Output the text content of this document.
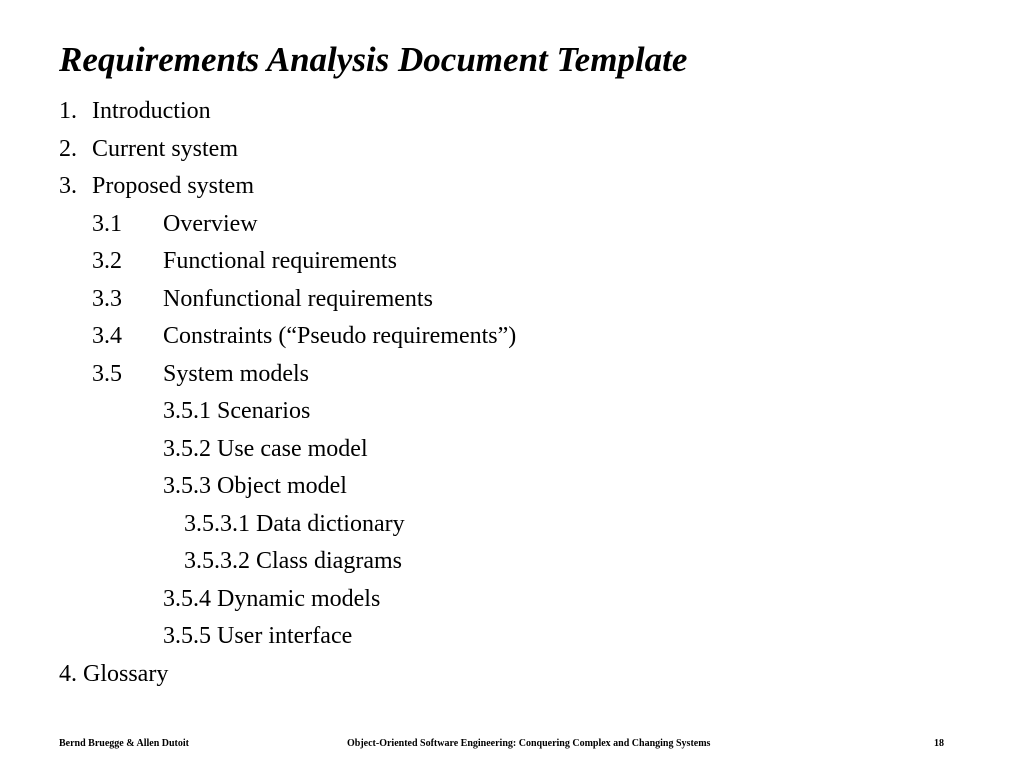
Requirements Analysis Document Template
1. Introduction
2. Current system
3. Proposed system
3.1 Overview
3.2 Functional requirements
3.3 Nonfunctional requirements
3.4 Constraints (“Pseudo requirements”)
3.5 System models
3.5.1 Scenarios
3.5.2 Use case model
3.5.3 Object model
3.5.3.1 Data dictionary
3.5.3.2 Class diagrams
3.5.4 Dynamic models
3.5.5 User interface
4. Glossary
Bernd Bruegge & Allen Dutoit	Object-Oriented Software Engineering: Conquering Complex and Changing Systems	18
